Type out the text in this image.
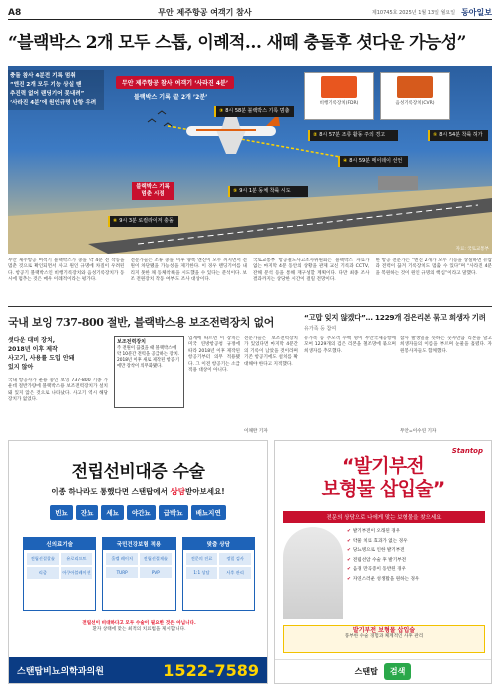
A8	무안 제주항공 여객기 참사	제10745호 2025년 1월 13일 월요일 동아일보
“블랙박스 2개 모두 스톱, 이례적… 새떼 충돌후 셧다운 가능성”
무안 제주항공 참사 여객기 ‘사라진 4분’
블랙박스 기록 끝 2개 ’2분’
비행기록장치(FDR)	음성기록장치(CVR)
블랙박스 기록 멈춘 시점
① 8시 54분 착륙 허가
② 8시 57분 조류 활동 주의 경고
③ 8시 58분 블랙박스 기록 멈춤
④ 8시 59분 메이데이 선언
⑤ 9시 1분 동체 착륙 시도
⑥ 9시 3분 로컬라이저 충돌
자료: 국토교통부
충돌 참사 4분전 기록 멈춰
“엔진 2개 모두 기능 상실 땐
추진력 없어 랜딩기어 못내려”
‘사라진 4분’에 원인규명 난항 우려
무안 제주항공 여객기 블랙박스가 충돌 약 4분 전 작동을 멈춘 것으로 확인되면서 사고 원인 규명에 차질이 우려된다. 항공기 블랙박스인 비행기록장치와 음성기록장치가 동시에 멈추는 것은 매우 이례적이라는 평가다.
전문가들은 조류 충돌 이후 양쪽 엔진이 모두 꺼지면서 전원이 차단됐을 가능성을 제기한다. 이 경우 랜딩기어를 내리지 못한 채 동체착륙을 시도했을 수 있다는 분석이다. 보조 전원장치 작동 여부도 조사 대상이다.
국토교통부 항공철도사고조사위원회는 블랙박스 자료가 없는 마지막 4분 동안의 상황을 관제 교신 기록과 CCTV, 잔해 분석 등을 통해 재구성할 계획이다. 다만 최종 조사 결과까지는 상당한 시간이 걸릴 전망이다.
한 항공 전문가는 “엔진 2개가 모두 기능을 상실하면 유압과 전력이 끊겨 기록장치도 멈출 수 있다”며 “사라진 4분을 복원하는 것이 원인 규명의 핵심”이라고 말했다.
국내 보잉 737-800 절반, 블랙박스용 보조전력장치 없어
셧다운 대비 장치,
2018년 이후 제작
사고기, 사용률 도입 안돼
있지 않아
보조전력장치
주 전원이 끊겼을 때 블랙박스에 약 10분간 전력을 공급하는 장치. 2018년 이후 새로 제작된 항공기에만 장착이 의무화됐다.
국내 항공사가 운용 중인 보잉 737-800 기종 가운데 절반가량에 블랙박스용 보조전력장치가 설치돼 있지 않은 것으로 나타났다. 사고기 역시 해당 장치가 없었다.
업계에 따르면 이 장치는 미국 연방항공청 규정에 따라 2018년 이후 제작된 항공기부터 의무 적용됐다. 그 이전 항공기는 소급 적용 대상이 아니다.
전문가들은 보조전력장치가 있었다면 마지막 4분간의 기록이 남았을 것이라며 기존 항공기에도 설치를 확대해야 한다고 지적했다.
이채완 기자
“고맙 잊지 않겠다”… 1229개 검은리본 묶고 희생자 기려
유가족 등 참여
유가족 등 추모객 수백 명이 무안국제공항에 모여 1229개의 검은 리본을 철조망에 묶으며 희생자를 추모했다.
참사 발생일을 뜻하는 숫자만큼 리본을 달고 희생자들의 이름을 부르며 눈물을 흘렸다. 자원봉사자들도 함께했다.
무안=이수연 기자
전립선비대증 수술
이종 하나라도 통했다면 스탠탑에서 상담받아보세요!
빈뇨	잔뇨	세뇨	야간뇨	급박뇨	배뇨지연
신의료기술
전립선결찰술	유로리프트
리줌	아쿠아블레이션
국민건강보험 적용
홀렙 레이저	전립선절제술
TURP	PVP
맞춤 상담
전문의 진료	정밀 검사
1:1 상담	사후 관리
전립선이 비대하다고 모두 수술이 필요한 것은 아닙니다.
환자 상태에 맞는 최적의 치료법을 제시합니다.
스탠탑비뇨의학과의원	1522-7589
Stantop
“발기부전
보형물 삽입술”
전문의 상담으로 나에게 맞는 보형물을 찾으세요
✔ 발기부전이 오래된 경우
✔ 약물 치료 효과가 없는 경우
✔ 당뇨병으로 인한 발기부전
✔ 전립선암 수술 후 발기부전
✔ 음경 만곡증이 동반된 경우
✔ 자연스러운 성생활을 원하는 경우
발기부전 보형물 삽입술
풍부한 수술 경험과 체계적인 사후 관리
스탠탑	검색
